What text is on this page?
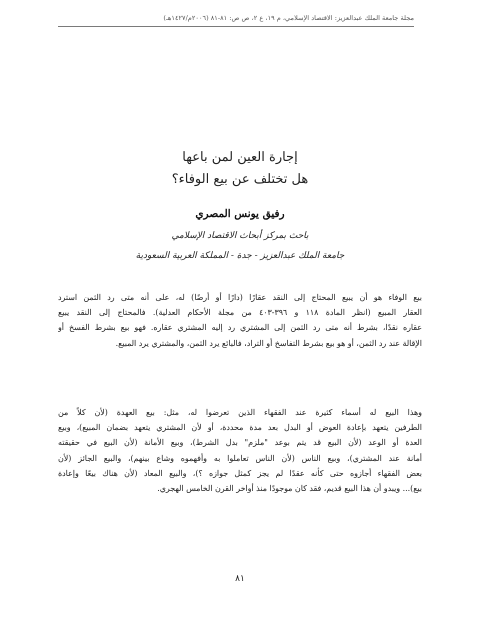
مجلة جامعة الملك عبدالعزيز: الاقتصاد الإسلامي، م ١٩، ع ٢، ص ص: ٨١-٨١ (٢٠٠٦م/١٤٢٧هـ)
إجارة العين لمن باعها
هل تختلف عن بيع الوفاء؟
رفيق يونس المصري
باحث بمركز أبحاث الاقتصاد الإسلامي
جامعة الملك عبدالعزيز - جدة - المملكة العربية السعودية
بيع الوفاء هو أن يبيع المحتاج إلى النقد عقارًا (دارًا أو أرضًا) له، على أنه متى رد الثمن استرد
العقار المبيع (انظر المادة ١١٨ و ٣٩٦-٤٠٣ من مجلة الأحكام العدلية). فالمحتاج إلى النقد يبيع
عقاره نقدًا، بشرط أنه متى رد الثمن إلى المشتري رد إليه المشتري عقاره. فهو بيع بشرط الفسخ أو
الإقالة عند رد الثمن، أو هو بيع بشرط التفاسخ أو التراد، فالبائع يرد الثمن، والمشتري يرد المبيع.
وهذا البيع له أسماء كثيرة عند الفقهاء الذين تعرضوا له، مثل: بيع العهدة (لأن كلاً من
الطرفين يتعهد بإعادة العوض أو البدل بعد مدة محددة، أو لأن المشتري يتعهد بضمان المبيع)، وبيع
العدة أو الوعد (لأن البيع قد يتم بوعد "ملزم" بدل الشرط)، وبيع الأمانة (لأن البيع في حقيقته
أمانة عند المشتري)، وبيع الناس (لأن الناس تعاملوا به وأفهموه وشاع بينهم)، والبيع الجائز (لأن
بعض الفقهاء أجازوه حتى كأنه عقدًا لم يجز كمثل جوازه ؟)، والبيع المعاد (لأن هناك بيعًا وإعادة
بيع)... ويبدو أن هذا البيع قديم، فقد كان موجودًا منذ أواخر القرن الخامس الهجري.
٨١
